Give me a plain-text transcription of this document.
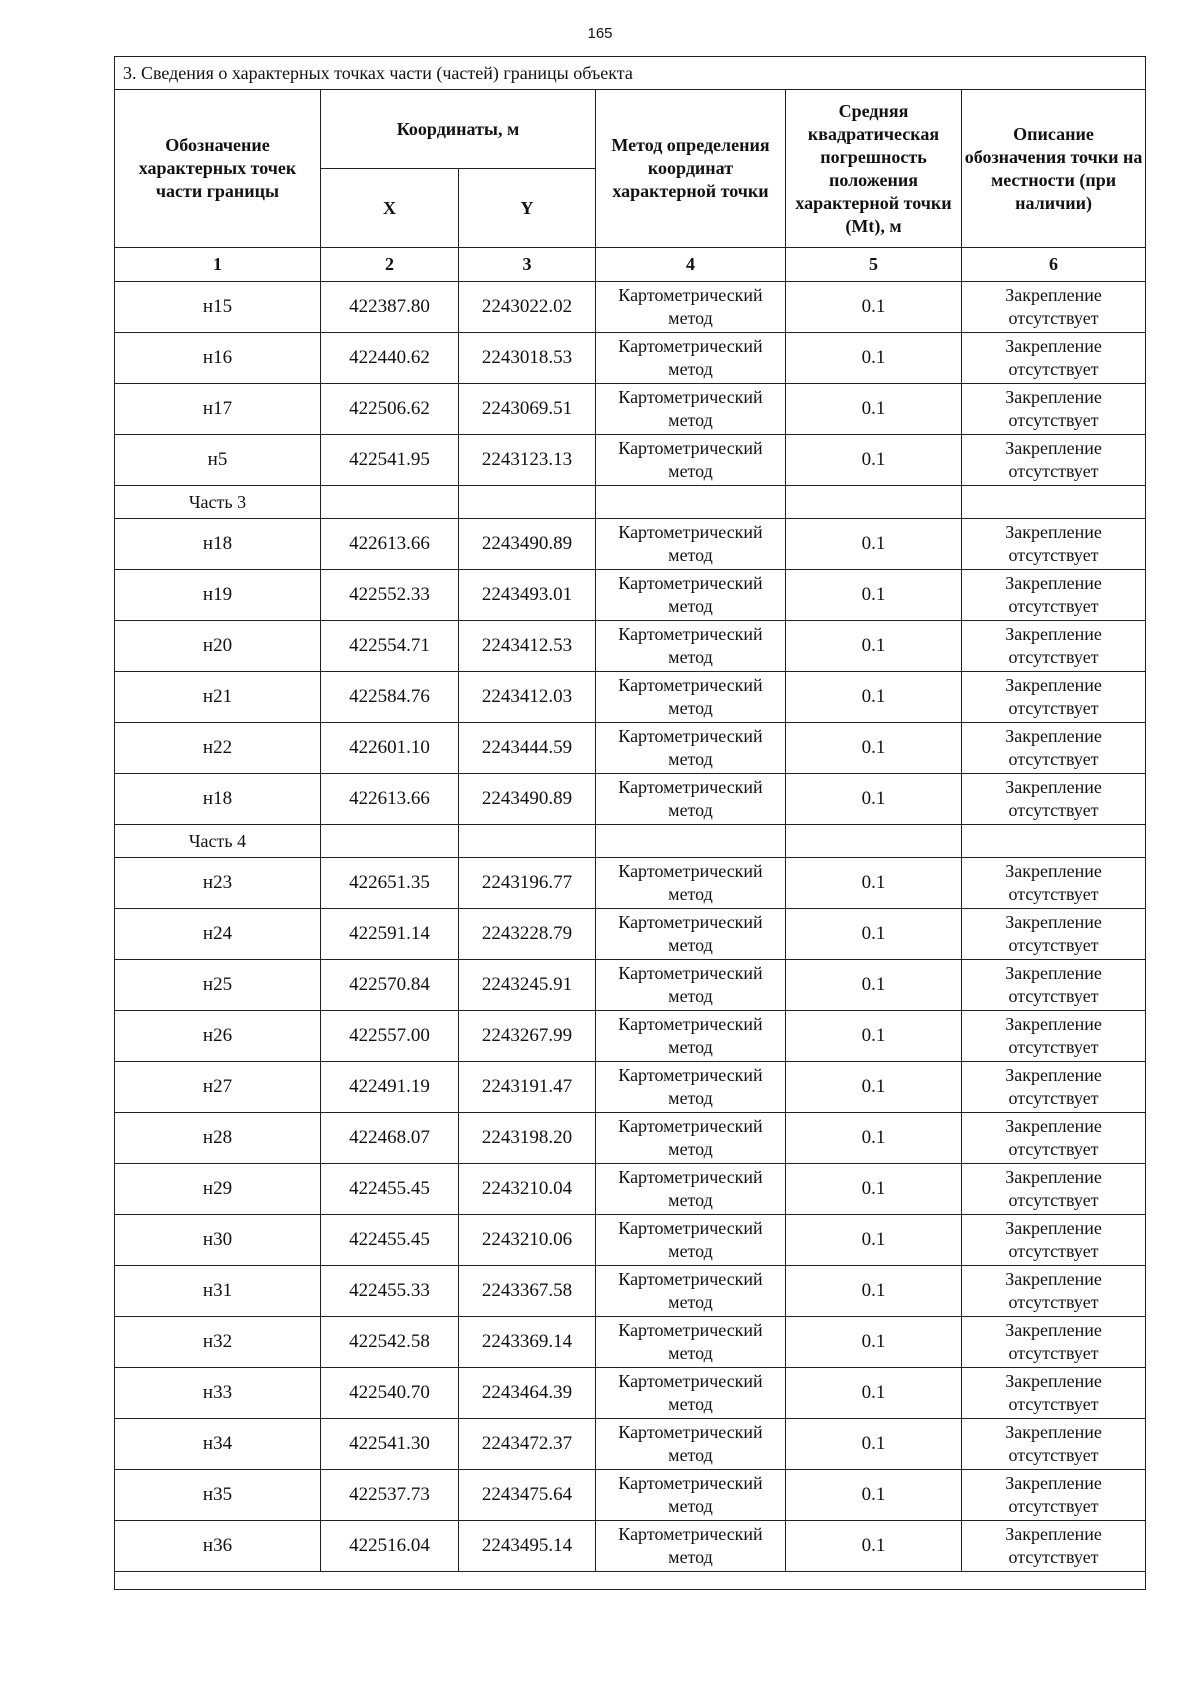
165
3. Сведения о характерных точках части (частей) границы объекта					
Обозначение характерных точек части границы	Координаты, м		Метод определения координат характерной точки	Средняя квадратическая погрешность положения характерной точки (Mt), м	Описание обозначения точки на местности (при наличии)
	X	Y			
1	2	3	4	5	6
н15	422387.80	2243022.02	Картометрический метод	0.1	Закрепление отсутствует
н16	422440.62	2243018.53	Картометрический метод	0.1	Закрепление отсутствует
н17	422506.62	2243069.51	Картометрический метод	0.1	Закрепление отсутствует
н5	422541.95	2243123.13	Картометрический метод	0.1	Закрепление отсутствует
Часть 3					
н18	422613.66	2243490.89	Картометрический метод	0.1	Закрепление отсутствует
н19	422552.33	2243493.01	Картометрический метод	0.1	Закрепление отсутствует
н20	422554.71	2243412.53	Картометрический метод	0.1	Закрепление отсутствует
н21	422584.76	2243412.03	Картометрический метод	0.1	Закрепление отсутствует
н22	422601.10	2243444.59	Картометрический метод	0.1	Закрепление отсутствует
н18	422613.66	2243490.89	Картометрический метод	0.1	Закрепление отсутствует
Часть 4					
н23	422651.35	2243196.77	Картометрический метод	0.1	Закрепление отсутствует
н24	422591.14	2243228.79	Картометрический метод	0.1	Закрепление отсутствует
н25	422570.84	2243245.91	Картометрический метод	0.1	Закрепление отсутствует
н26	422557.00	2243267.99	Картометрический метод	0.1	Закрепление отсутствует
н27	422491.19	2243191.47	Картометрический метод	0.1	Закрепление отсутствует
н28	422468.07	2243198.20	Картометрический метод	0.1	Закрепление отсутствует
н29	422455.45	2243210.04	Картометрический метод	0.1	Закрепление отсутствует
н30	422455.45	2243210.06	Картометрический метод	0.1	Закрепление отсутствует
н31	422455.33	2243367.58	Картометрический метод	0.1	Закрепление отсутствует
н32	422542.58	2243369.14	Картометрический метод	0.1	Закрепление отсутствует
н33	422540.70	2243464.39	Картометрический метод	0.1	Закрепление отсутствует
н34	422541.30	2243472.37	Картометрический метод	0.1	Закрепление отсутствует
н35	422537.73	2243475.64	Картометрический метод	0.1	Закрепление отсутствует
н36	422516.04	2243495.14	Картометрический метод	0.1	Закрепление отсутствует
